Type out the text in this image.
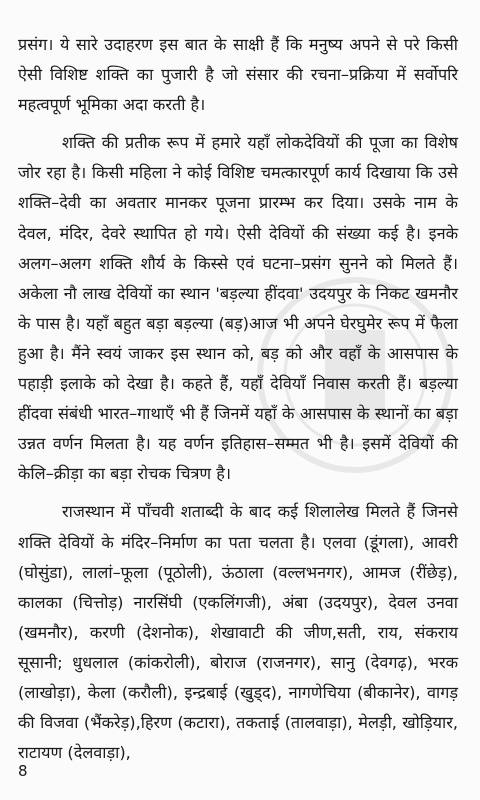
प्रसंग। ये सारे उदाहरण इस बात के साक्षी हैं कि मनुष्य अपने से परे किसी ऐसी विशिष्ट शक्ति का पुजारी है जो संसार की रचना–प्रक्रिया में सर्वोपरि महत्वपूर्ण भूमिका अदा करती है।

शक्ति की प्रतीक रूप में हमारे यहाँ लोकदेवियों की पूजा का विशेष जोर रहा है। किसी महिला ने कोई विशिष्ट चमत्कारपूर्ण कार्य दिखाया कि उसे शक्ति–देवी का अवतार मानकर पूजना प्रारम्भ कर दिया। उसके नाम के देवल, मंदिर, देवरे स्थापित हो गये। ऐसी देवियों की संख्या कई है। इनके अलग–अलग शक्ति शौर्य के किस्से एवं घटना–प्रसंग सुनने को मिलते हैं। अकेला नौ लाख देवियों का स्थान 'बड़ल्या हींदवा' उदयपुर के निकट खमनौर के पास है। यहाँ बहुत बड़ा बड़ल्या (बड़)आज भी अपने घेरघुमेर रूप में फैला हुआ है। मैंने स्वयं जाकर इस स्थान को, बड़ को और वहाँ के आसपास के पहाड़ी इलाके को देखा है। कहते हैं, यहाँ देवियाँ निवास करती हैं। बड़ल्या हींदवा संबंधी भारत–गाथाएँ भी हैं जिनमें यहाँ के आसपास के स्थानों का बड़ा उन्नत वर्णन मिलता है। यह वर्णन इतिहास–सम्मत भी है। इसमें देवियों की केलि–क्रीड़ा का बड़ा रोचक चित्रण है।

राजस्थान में पाँचवी शताब्दी के बाद कई शिलालेख मिलते हैं जिनसे शक्ति देवियों के मंदिर–निर्माण का पता चलता है। एलवा (डूंगला), आवरी (घोसुंडा), लालां–फूला (पूठोली), ऊंठाला (वल्लभनगर), आमज (रींछेड़), कालका (चित्तोड़) नारसिंघी (एकलिंगजी), अंबा (उदयपुर), देवल उनवा (खमनौर), करणी (देशनोक), शेखावाटी की जीण,सती, राय, संकराय सूसानी; धुधलाल (कांकरोली), बोराज (राजनगर), सानु (देवगढ़), भरक (लाखोड़ा), केला (करौली), इन्द्रबाई (खुड्द), नागणेचिया (बीकानेर), वागड़ की विजवा (भैंकरेड़),हिरण (कटारा), तकताई (तालवाड़ा), मेलड़ी, खोड़ियार, राटायण (देलवाड़ा),

8
